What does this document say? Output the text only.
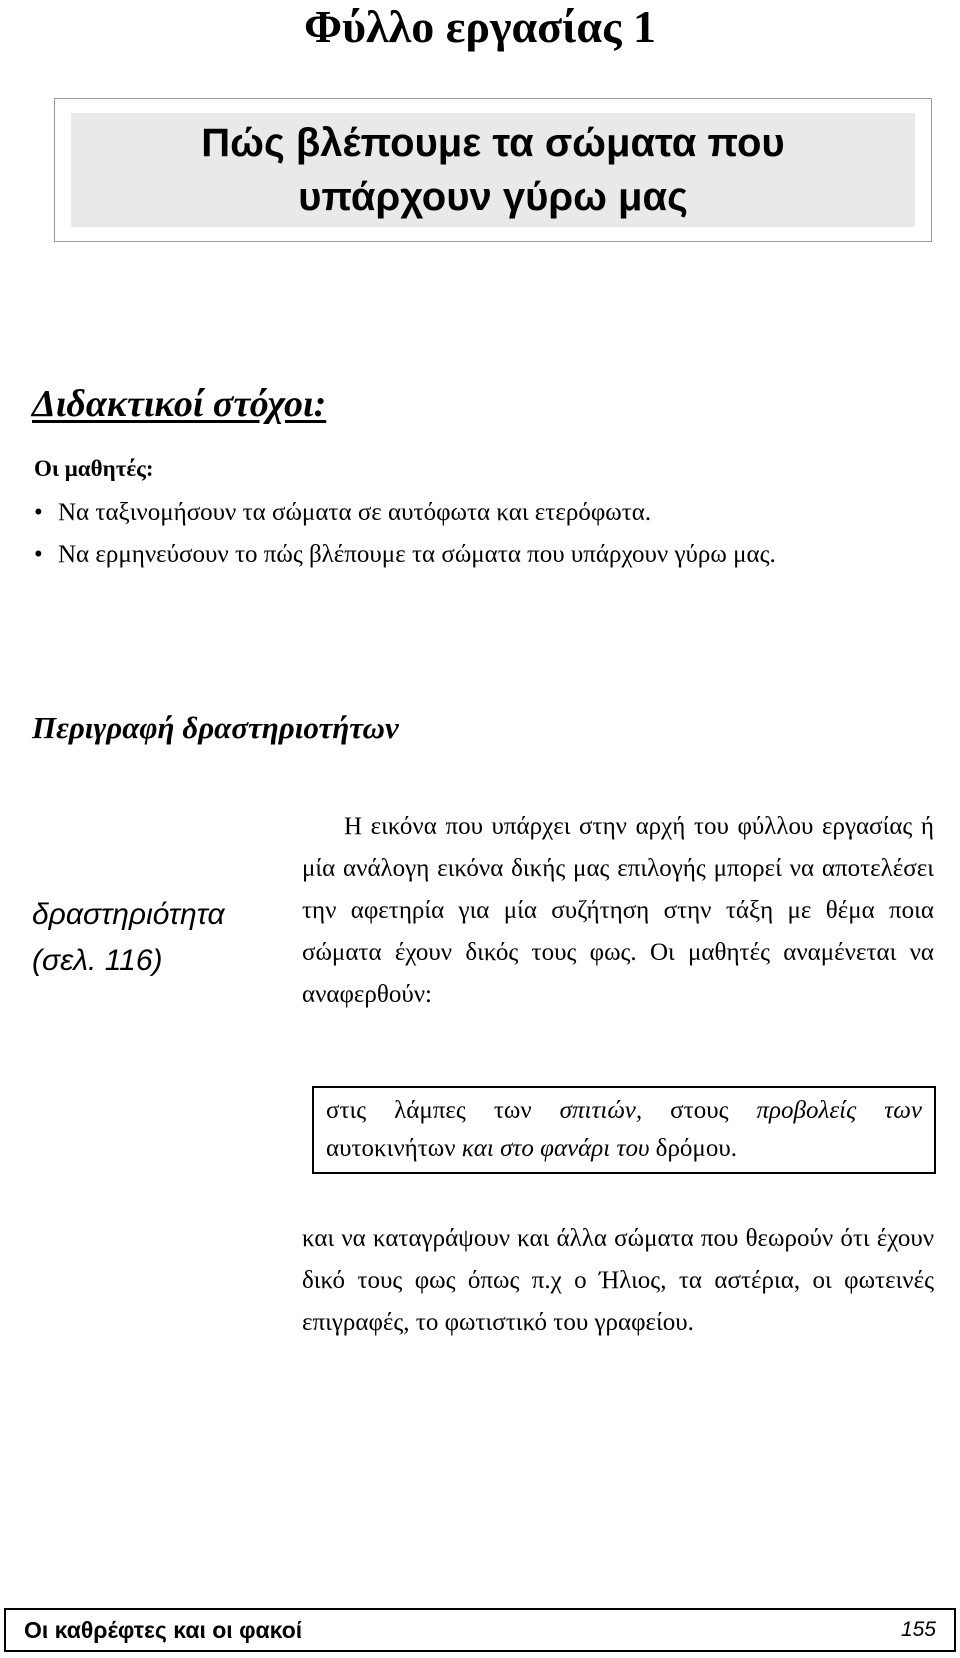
Φύλλο εργασίας 1
Πώς βλέπουμε τα σώματα που
υπάρχουν γύρω μας
Διδακτικοί στόχοι:
Οι μαθητές:
• Να ταξινομήσουν τα σώματα σε αυτόφωτα και ετερόφωτα.
• Να ερμηνεύσουν το πώς βλέπουμε τα σώματα που υπάρχουν γύρω μας.
Περιγραφή δραστηριοτήτων
δραστηριότητα
(σελ. 116)
Η εικόνα που υπάρχει στην αρχή του φύλλου εργασίας ή μία ανάλογη εικόνα δικής μας επιλογής μπορεί να αποτελέσει την αφετηρία για μία συζήτηση στην τάξη με θέμα ποια σώματα έχουν δικός τους φως. Οι μαθητές αναμένεται να αναφερθούν:
στις λάμπες των σπιτιών, στους προβολείς των αυτοκινήτων και στο φανάρι του δρόμου.
και να καταγράψουν και άλλα σώματα που θεωρούν ότι έχουν δικό τους φως όπως π.χ ο Ήλιος, τα αστέρια, οι φωτεινές επιγραφές, το φωτιστικό του γραφείου.
Οι καθρέφτες και οι φακοί	155
